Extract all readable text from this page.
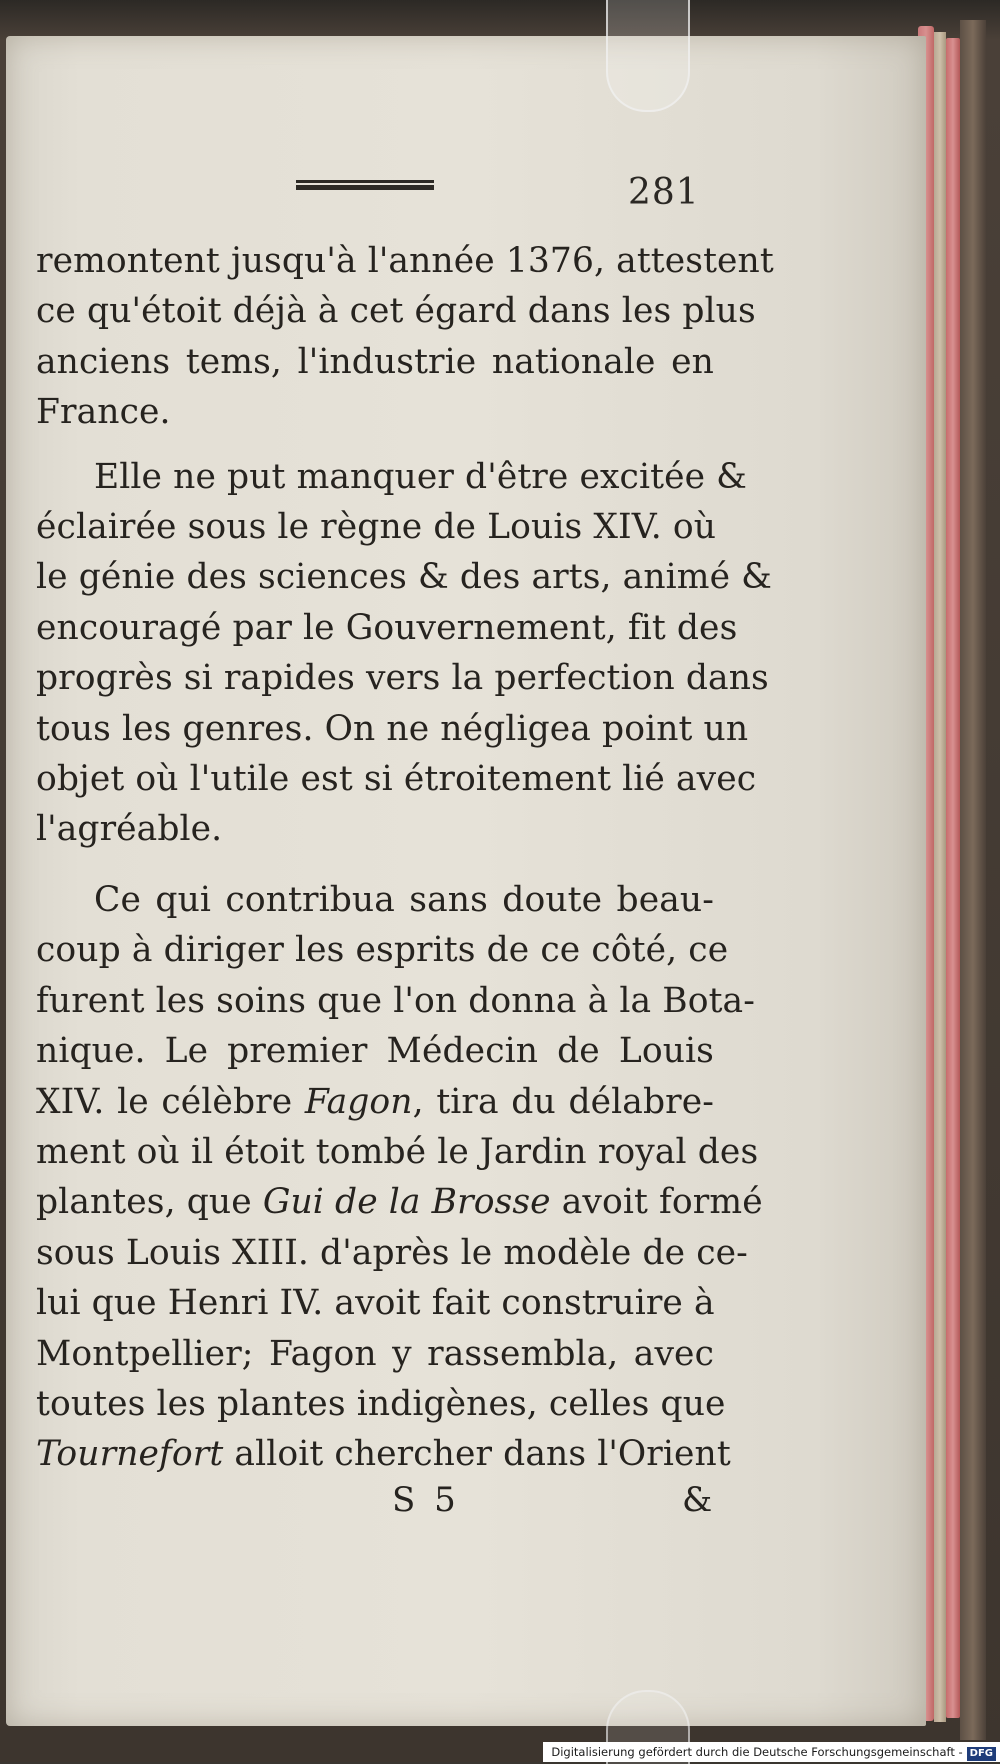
281
remontent jusqu'à l'année 1376, attestent
ce qu'étoit déjà à cet égard dans les plus
anciens tems, l'industrie nationale en
France.
Elle ne put manquer d'être excitée &
éclairée sous le règne de Louis XIV. où
le génie des sciences & des arts, animé &
encouragé par le Gouvernement, fit des
progrès si rapides vers la perfection dans
tous les genres. On ne négligea point un
objet où l'utile est si étroitement lié avec
l'agréable.
Ce qui contribua sans doute beau-
coup à diriger les esprits de ce côté, ce
furent les soins que l'on donna à la Bota-
nique. Le premier Médecin de Louis
XIV. le célèbre Fagon, tira du délabre-
ment où il étoit tombé le Jardin royal des
plantes, que Gui de la Brosse avoit formé
sous Louis XIII. d'après le modèle de ce-
lui que Henri IV. avoit fait construire à
Montpellier; Fagon y rassembla, avec
toutes les plantes indigènes, celles que
Tournefort alloit chercher dans l'Orient
S 5	&
Digitalisierung gefördert durch die Deutsche Forschungsgemeinschaft - DFG
